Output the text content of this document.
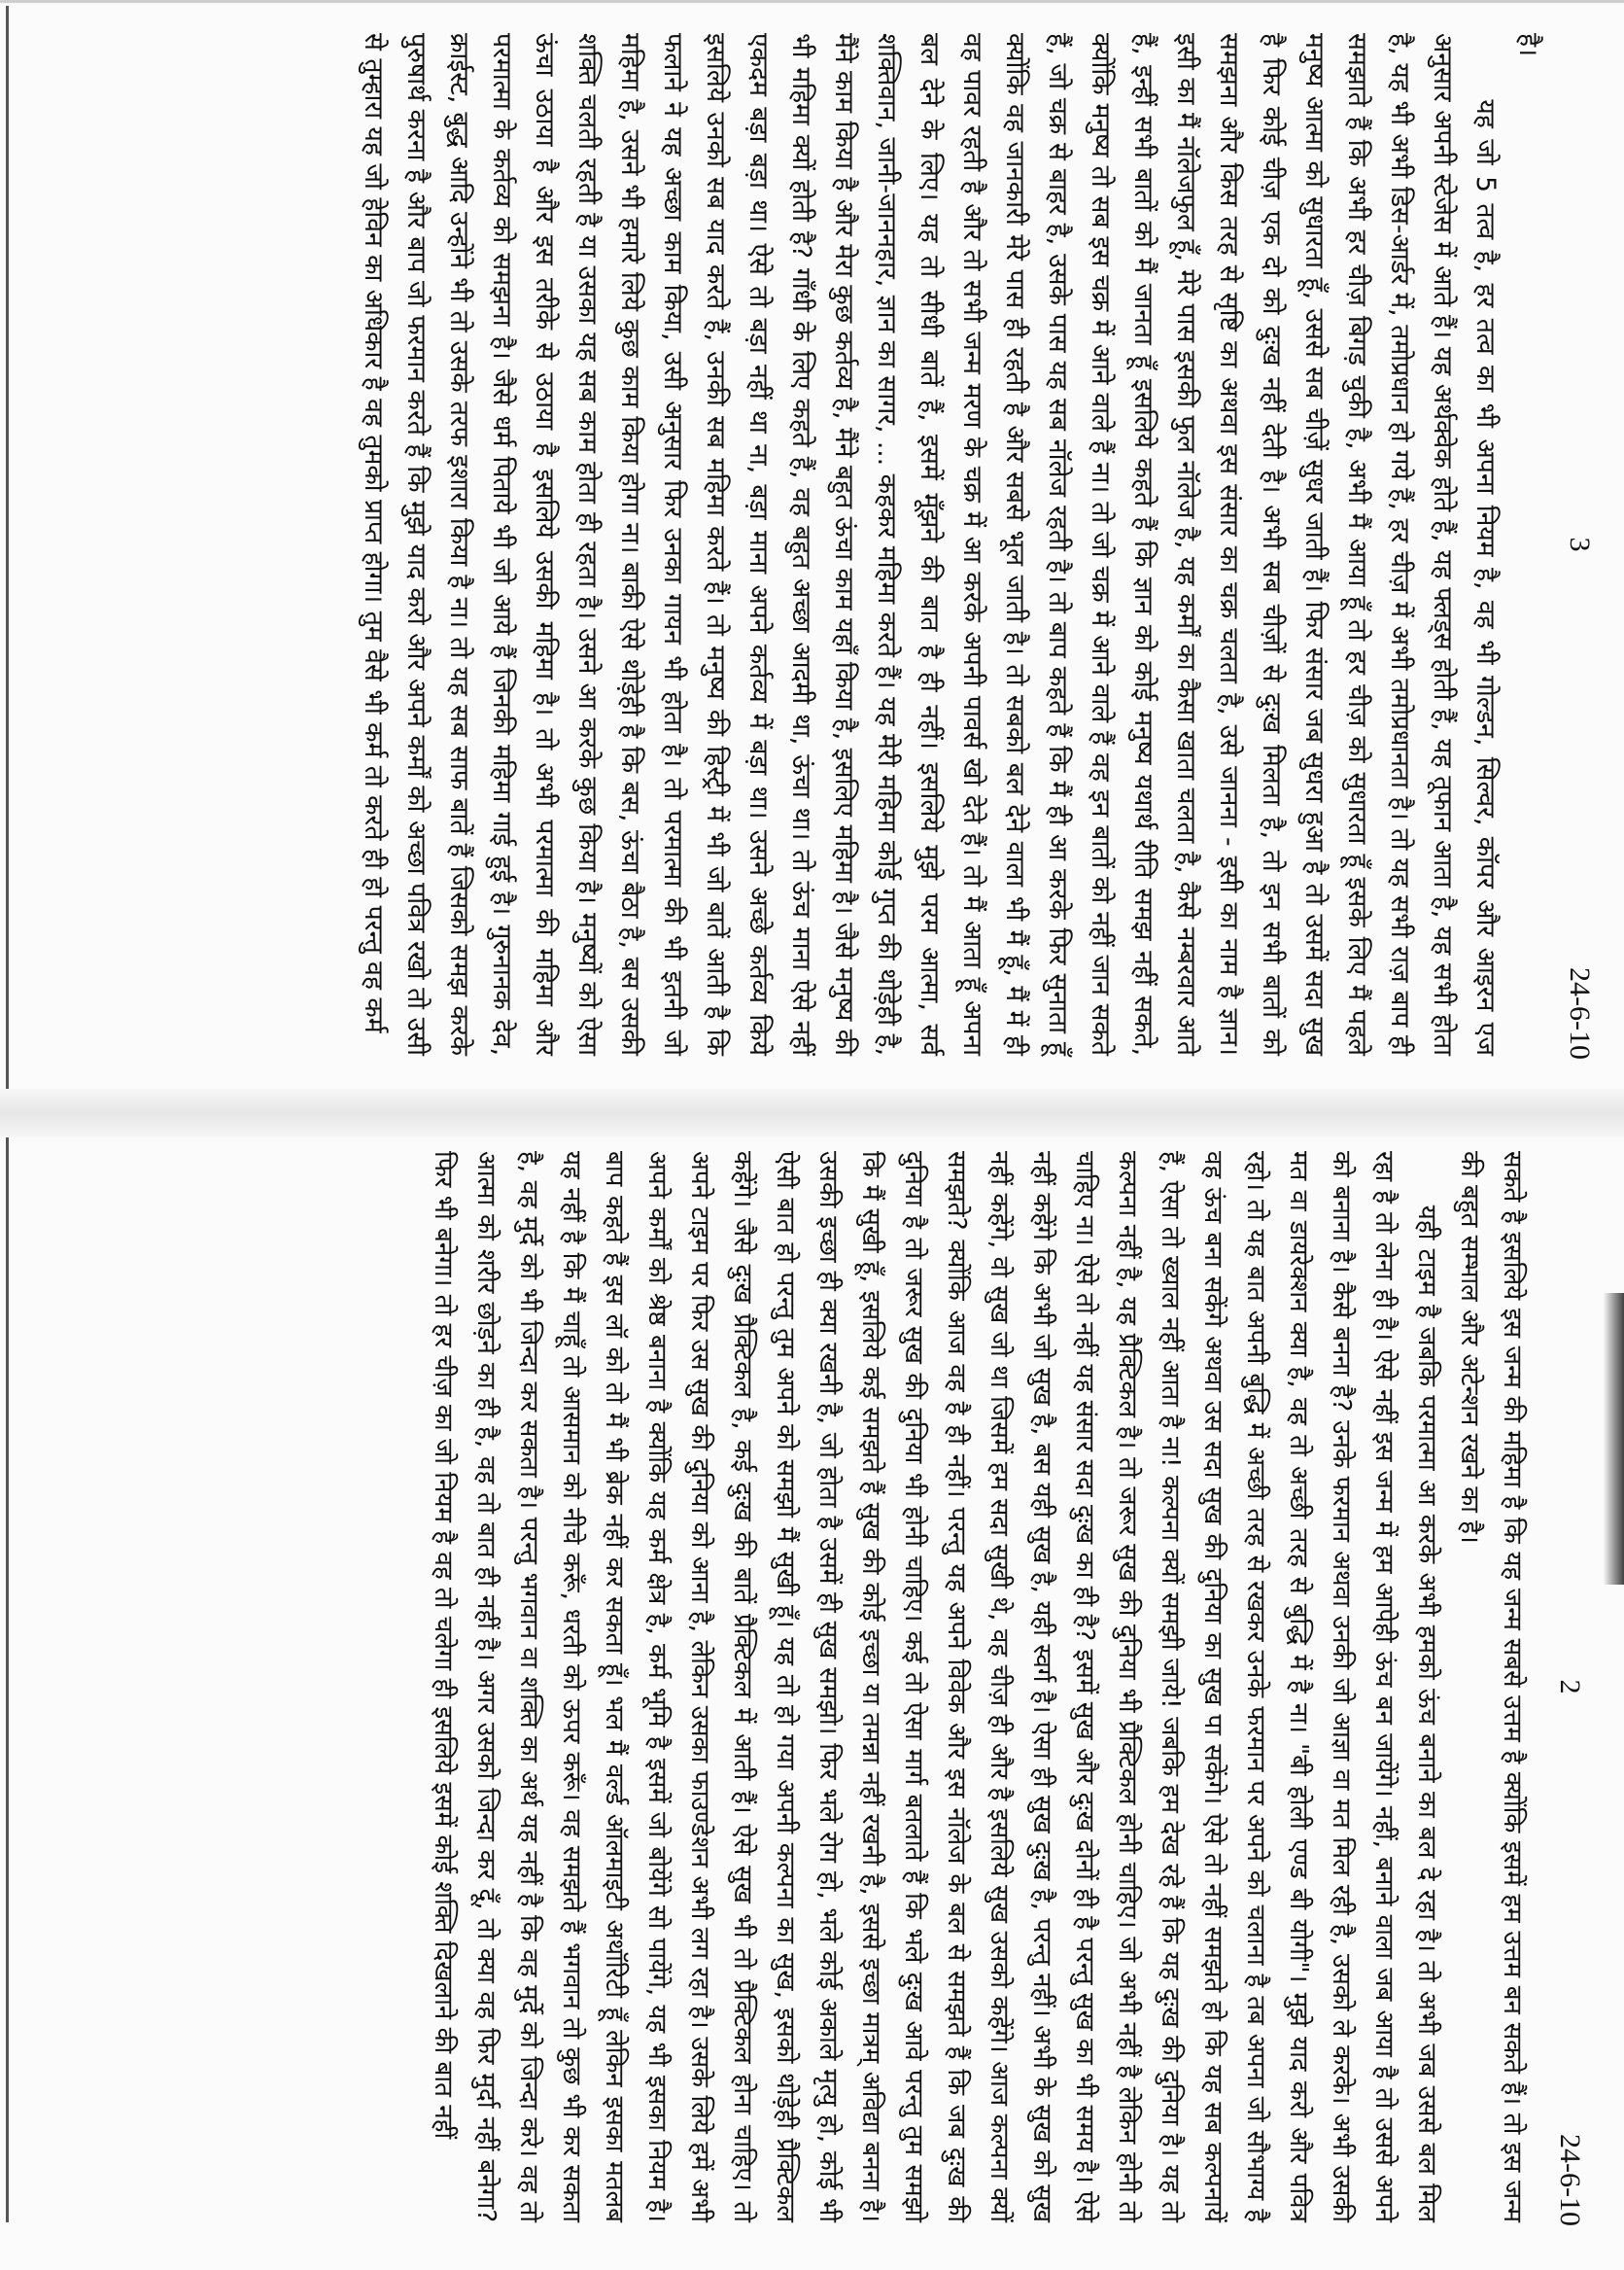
3
24-6-10
है।
यह जो 5 तत्व है, हर तत्व का भी अपना नियम है, वह भी गोल्डन, सिल्वर, कॉपर और आइरन एज अनुसार अपनी स्टेजेस में आते हैं। यह अर्थक्वेक होते हैं, यह फ्लड्स होती हैं, यह तूफान आता है, यह सभी होता है, यह भी अभी डिस-आर्डर में, तमोप्रधान हो गये हैं, हर चीज़ में अभी तमोप्रधानता है। तो यह सभी राज़ बाप ही समझाते हैं कि अभी हर चीज़ बिगड़ चुकी है, अभी मैं आया हूँ तो हर चीज़ को सुधारता हूँ इसके लिए मैं पहले मनुष्य आत्मा को सुधारता हूँ, उससे सब चीज़ें सुधर जाती हैं। फिर संसार जब सुधरा हुआ है तो उसमें सदा सुख है फिर कोई चीज़ एक दो को दुःख नहीं देती है। अभी सब चीज़ों से दुःख मिलता है, तो इन सभी बातों को समझना और किस तरह से सृष्टि का अथवा इस संसार का चक्र चलता है, उसे जानना - इसी का नाम है ज्ञान। इसी का मैं नॉलेजफुल हूँ, मेरे पास इसकी फुल नॉलेज है, यह कर्मों का कैसा खाता चलता है, कैसे नम्बरवार आते हैं, इन्हीं सभी बातों को मैं जानता हूँ इसलिये कहते हैं कि ज्ञान को कोई मनुष्य यथार्थ रीति समझ नहीं सकते, क्योंकि मनुष्य तो सब इस चक्र में आने वाले हैं ना। तो जो चक्र में आने वाले हैं वह इन बातों को नहीं जान सकते हैं, जो चक्र से बाहर है, उसके पास यह सब नॉलेज रहती है। तो बाप कहते हैं कि मैं ही आ करके फिर सुनाता हूँ क्योंकि वह जानकारी मेरे पास ही रहती है और सबसे भूल जाती है। तो सबको बल देने वाला भी मैं हूँ, मैं में ही वह पावर रहती है और तो सभी जन्म मरण के चक्र में आ करके अपनी पावर्स खो देते हैं। तो मैं आता हूँ अपना बल देने के लिए। यह तो सीधी बातें हैं, इसमें मूँझने की बात है ही नहीं। इसलिये मुझे परम आत्मा, सर्व शक्तिवान, जानी-जाननहार, ज्ञान का सागर, ... कहकर महिमा करते हैं। यह मेरी महिमा कोई गुप्त की थोड़ेही है, मैंने काम किया है और मेरा कुछ कर्तव्य है, मैंने बहुत ऊंचा काम यहाँ किया है, इसलिए महिमा है। जैसे मनुष्य की भी महिमा क्यों होती है? गाँधी के लिए कहते हैं, वह बहुत अच्छा आदमी था, ऊंचा था। तो ऊंच माना ऐसे नहीं एकदम बड़ा बड़ा था। ऐसे तो बड़ा नहीं था ना, बड़ा माना अपने कर्तव्य में बड़ा था। उसने अच्छे कर्तव्य किये इसलिये उनको सब याद करते हैं, उनकी सब महिमा करते हैं। तो मनुष्य की हिस्ट्री में भी जो बातें आती है कि फलाने ने यह अच्छा काम किया, उसी अनुसार फिर उनका गायन भी होता है। तो परमात्मा की भी इतनी जो महिमा है, उसने भी हमारे लिये कुछ काम किया होगा ना। बाकी ऐसे थोड़ेही है कि बस, ऊंचा बैठा है, बस उसकी शक्ति चलती रहती है या उसका यह सब काम होता ही रहता है। उसने आ करके कुछ किया है। मनुष्यों को ऐसा ऊंचा उठाया है और इस तरीके से उठाया है इसलिये उसकी महिमा है। तो अभी परमात्मा की महिमा और परमात्मा के कर्तव्य को समझना है। जैसे धर्म पिताये भी जो आये हैं जिनकी महिमा गाई हुई है। गुरुनानक देव, क्राईस्ट, बुद्ध आदि उन्होंने भी तो उसके तरफ इशारा किया है ना। तो यह सब साफ बातें हैं जिसको समझ करके पुरुषार्थ करना है और बाप जो फरमान करते हैं कि मुझे याद करो और अपने कर्मों को अच्छा पवित्र रखो तो उसी से तुम्हारा यह जो हेविन का अधिकार है वह तुमको प्राप्त होगा। तुम वैसे भी कर्म तो करते ही हो परन्तु वह कर्म
2
24-6-10
सकते है इसलिये इस जन्म की महिमा है कि यह जन्म सबसे उत्तम है क्योंकि इसमें हम उत्तम बन सकते हैं। तो इस जन्म की बहुत सम्भाल और अटेन्शन रखने का है।
यही टाइम है जबकि परमात्मा आ करके अभी हमको ऊंच बनाने का बल दे रहा है। तो अभी जब उससे बल मिल रहा है तो लेना ही है। ऐसे नहीं इस जन्म में हम आपेही ऊंच बन जायेंगे। नहीं, बनाने वाला जब आया है तो उससे अपने को बनाना है। कैसे बनना है? उनके फरमान अथवा उनकी जो आज्ञा वा मत मिल रही है, उसको ले करके। अभी उसकी मत वा डायरेक्शन क्या है, वह तो अच्छी तरह से बुद्धि में है ना। "बी होली एण्ड बी योगी"। मुझे याद करो और पवित्र रहो। तो यह बात अपनी बुद्धि में अच्छी तरह से रखकर उनके फरमान पर अपने को चलाना है तब अपना जो सौभाग्य है वह ऊंच बना सकेंगे अथवा उस सदा सुख की दुनिया का सुख पा सकेंगे। ऐसे तो नहीं समझते हो कि यह सब कल्पनायें हैं, ऐसा तो ख्याल नहीं आता है ना! कल्पना क्यों समझी जाये! जबकि हम देख रहे हैं कि यह दुःख की दुनिया है। यह तो कल्पना नहीं है, यह प्रैक्टिकल है। तो जरूर सुख की दुनिया भी प्रैक्टिकल होनी चाहिए। जो अभी नहीं है लेकिन होनी तो चाहिए ना। ऐसे तो नहीं यह संसार सदा दुःख का ही है? इसमें सुख और दुःख दोनों ही है परन्तु सुख का भी समय है। ऐसे नहीं कहेंगे कि अभी जो सुख है, बस यही सुख है, यही स्वर्ग है। ऐसा ही सुख दुःख है, परन्तु नहीं। अभी के सुख को सुख नहीं कहेंगे, वो सुख जो था जिसमें हम सदा सुखी थे, वह चीज़ ही और है इसलिये सुख उसको कहेंगे। आज कल्पना क्यों समझते? क्योंकि आज वह है ही नहीं। परन्तु यह अपने विवेक और इस नॉलेज के बल से समझते हैं कि जब दुःख की दुनिया है तो जरूर सुख की दुनिया भी होनी चाहिए। कई तो ऐसा मार्ग बतलाते हैं कि भले दुःख आवे परन्तु तुम समझो कि मैं सुखी हूँ, इसलिये कई समझते हैं सुख की कोई इच्छा या तमन्ना नहीं रखनी है, इससे इच्छा मात्रम् अविद्या बनना है। उसकी इच्छा ही क्या रखनी है, जो होता है उसमें ही सुख समझो। फिर भले रोग हो, भले कोई अकाले मृत्यु हो, कोई भी ऐसी बात हो परन्तु तुम अपने को समझो मैं सुखी हूँ। यह तो हो गया अपनी कल्पना का सुख, इसको थोड़ेही प्रैक्टिकल कहेंगे। जैसे दुःख प्रैक्टिकल है, कई दुःख की बातें प्रैक्टिकल में आती हैं। ऐसे सुख भी तो प्रैक्टिकल होना चाहिए। तो अपने टाइम पर फिर उस सुख की दुनिया को आना है, लेकिन उसका फाउण्डेशन अभी लग रहा है। उसके लिये हमें अभी अपने कर्मों को श्रेष्ठ बनाना है क्योंकि यह कर्म क्षेत्र है, कर्म भूमि है इसमें जो बोयेंगे सो पायेंगे, यह भी इसका नियम है। बाप कहते हैं इस लॉ को तो मैं भी ब्रेक नहीं कर सकता हूँ। भल मैं वर्ल्ड ऑलमाइटी अथॉरिटी हूँ लेकिन इसका मतलब यह नहीं है कि मैं चाहूँ तो आसमान को नीचे करूँ, धरती को ऊपर करूँ। वह समझते हैं भगवान तो कुछ भी कर सकता है, वह मुर्दे को भी जिन्दा कर सकता है। परन्तु भगवान वा शक्ति का अर्थ यह नहीं है कि वह मुर्दे को जिन्दा करे। वह तो आत्मा को शरीर छोड़ने का ही है, वह तो बात ही नहीं है। अगर उसको जिन्दा कर दूँ, तो क्या वह फिर मुर्दा नहीं बनेगा? फिर भी बनेगा। तो हर चीज़ का जो नियम है वह तो चलेगा ही इसलिये इसमें कोई शक्ति दिखलाने की बात नहीं
